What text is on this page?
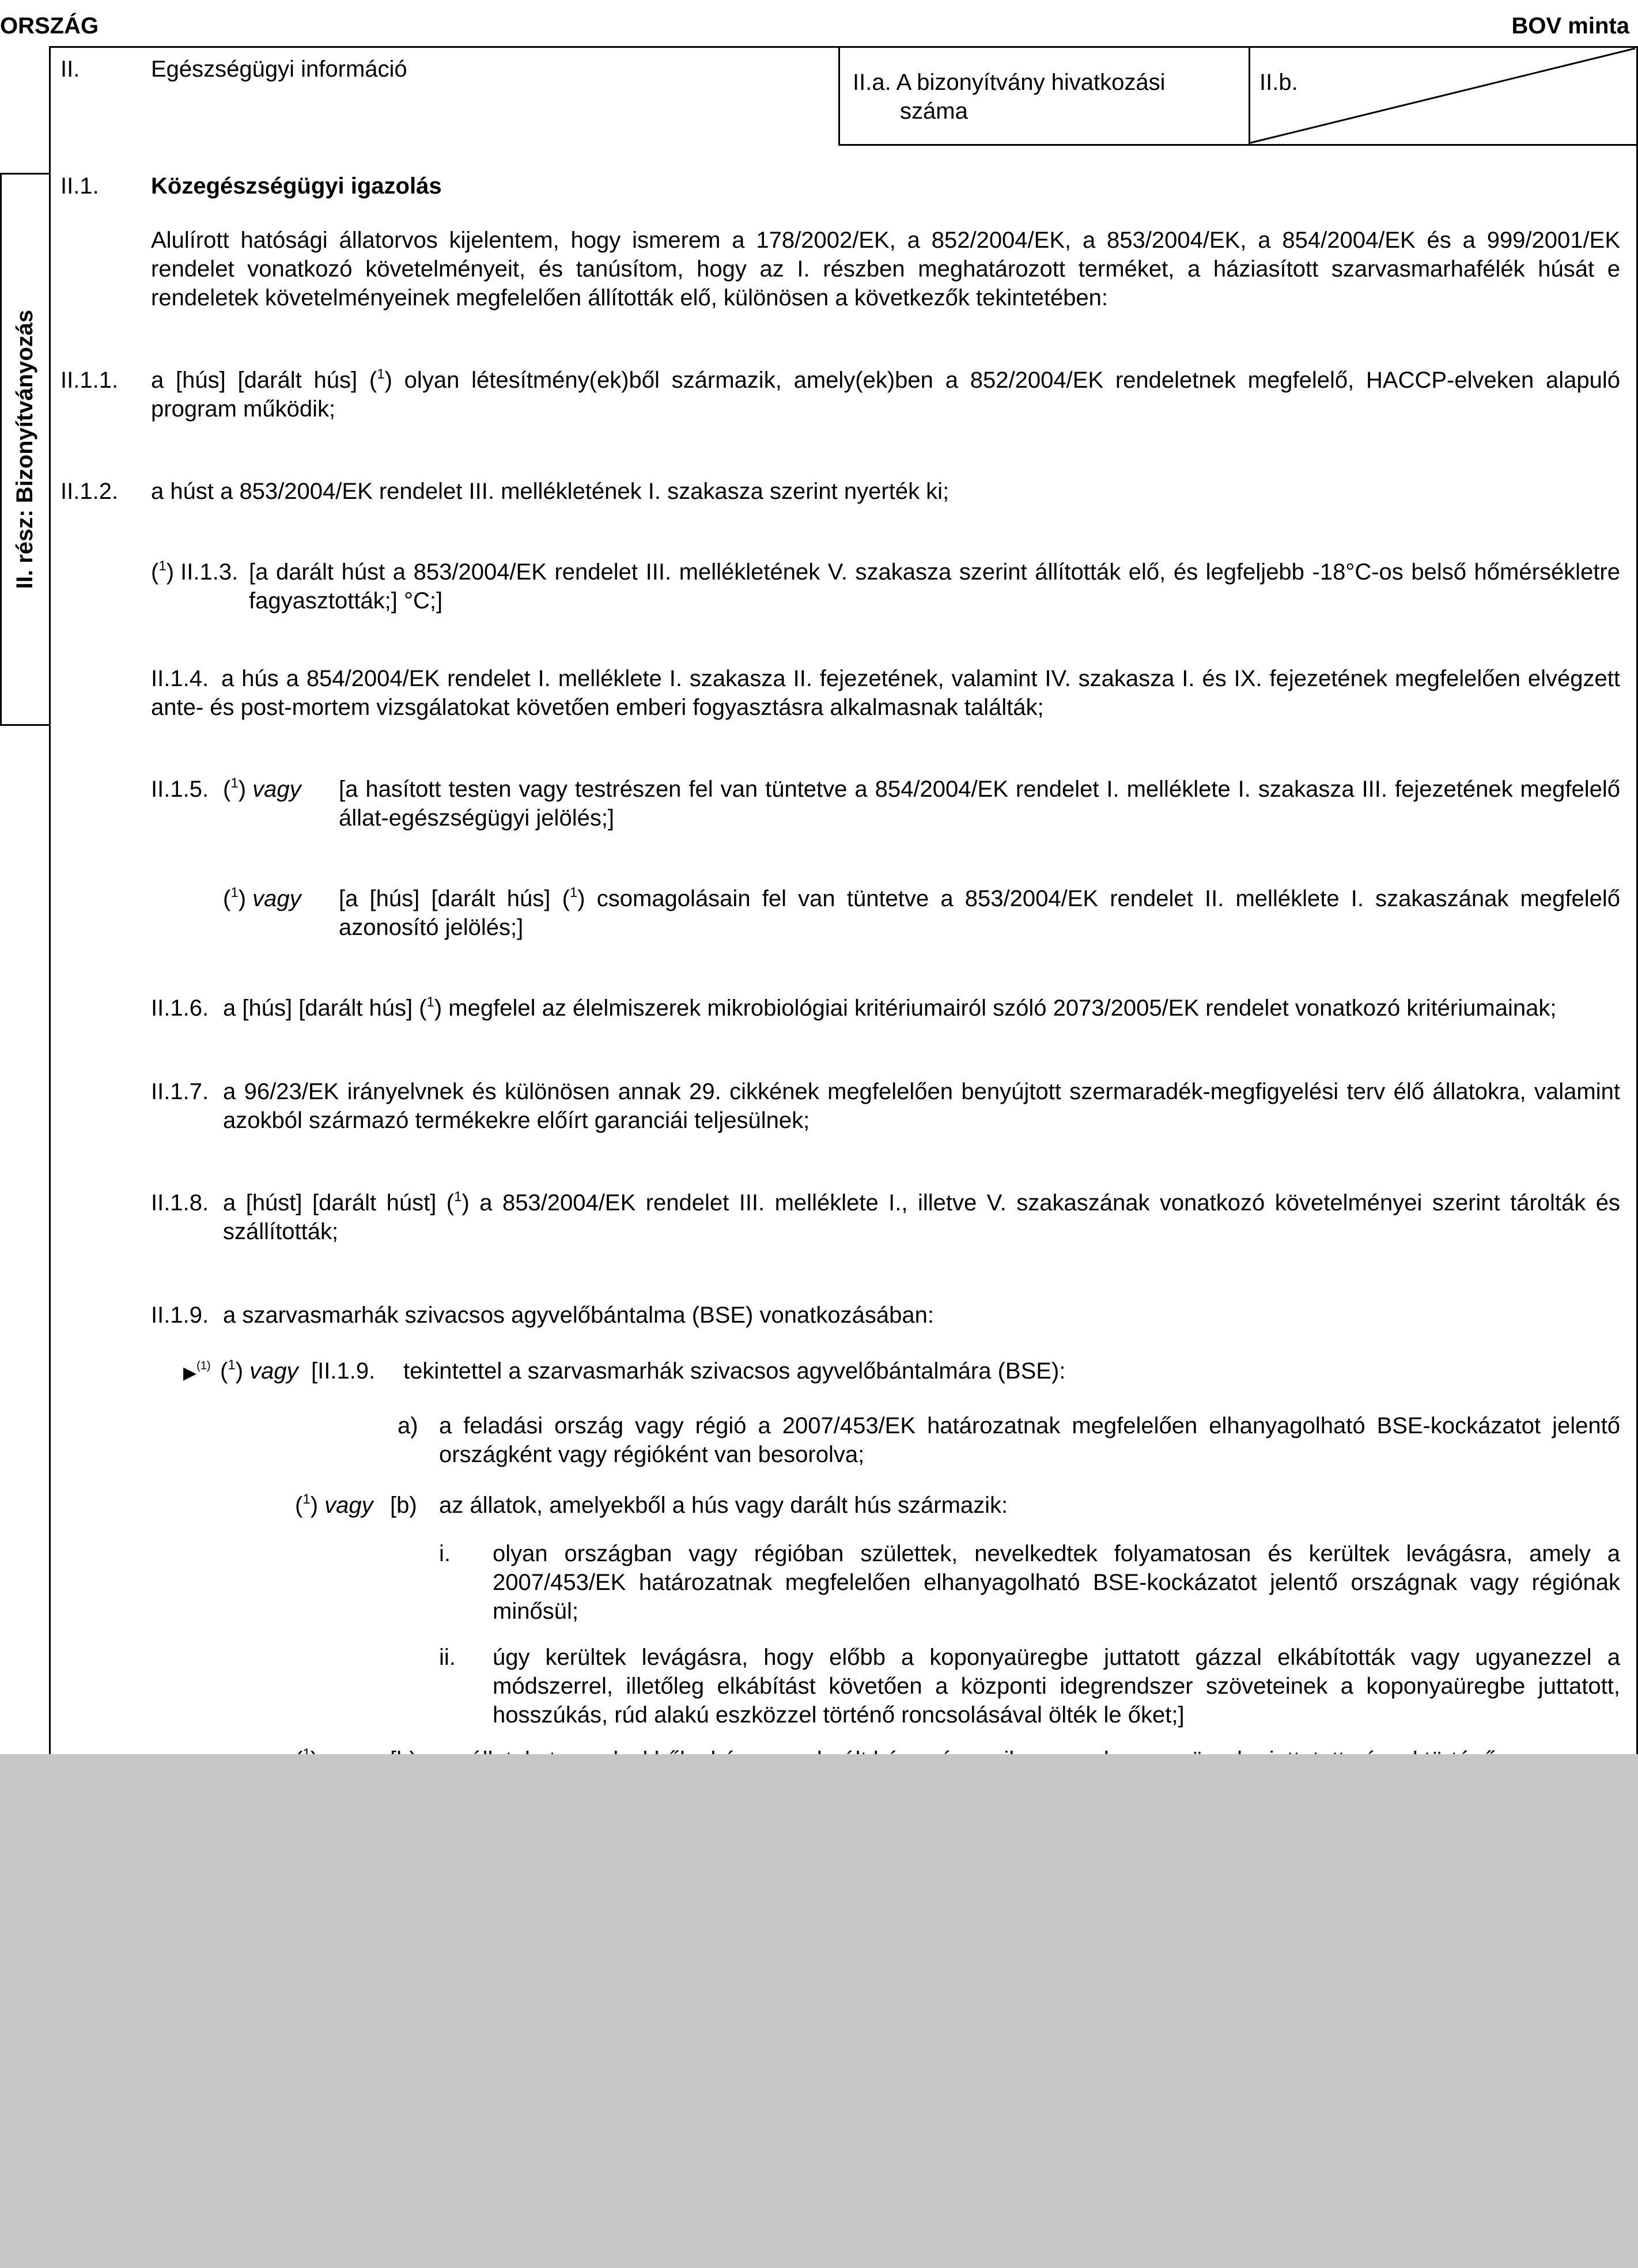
ORSZÁG	BOV minta
II. rész: Bizonyítványozás
II.	Egészségügyi információ
II.a. A bizonyítvány hivatkozási
száma
II.b.
II.1. Közegészségügyi igazolás
Alulírott hatósági állatorvos kijelentem, hogy ismerem a 178/2002/EK, a 852/2004/EK, a 853/2004/EK, a 854/2004/EK és a 999/2001/EK rendelet vonatkozó követelményeit, és tanúsítom, hogy az I. részben meghatározott terméket, a háziasított szarvasmarhafélék húsát e rendeletek követelményeinek megfelelően állították elő, különösen a következők tekintetében:
II.1.1. a [hús] [darált hús] ($^1$) olyan létesítmény(ek)ből származik, amely(ek)ben a 852/2004/EK rendeletnek megfelelő, HACCP-elveken alapuló program működik;
II.1.2. a húst a 853/2004/EK rendelet III. mellékletének I. szakasza szerint nyerték ki;
($^1$) II.1.3. [a darált húst a 853/2004/EK rendelet III. mellékletének V. szakasza szerint állították elő, és legfeljebb -18°C-os belső hőmérsékletre fagyasztották;] °C;]
II.1.4. a hús a 854/2004/EK rendelet I. melléklete I. szakasza II. fejezetének, valamint IV. szakasza I. és IX. fejezetének megfelelően elvégzett ante- és post-mortem vizsgálatokat követően emberi fogyasztásra alkalmasnak találták;
II.1.5. ($^1$) vagy [a hasított testen vagy testrészen fel van tüntetve a 854/2004/EK rendelet I. melléklete I. szakasza III. fejezetének megfelelő állat-egészségügyi jelölés;]
($^1$) vagy [a [hús] [darált hús] ($^1$) csomagolásain fel van tüntetve a 853/2004/EK rendelet II. melléklete I. szakaszának megfelelő azonosító jelölés;]
II.1.6. a [hús] [darált hús] ($^1$) megfelel az élelmiszerek mikrobiológiai kritériumairól szóló 2073/2005/EK rendelet vonatkozó kritériumainak;
II.1.7. a 96/23/EK irányelvnek és különösen annak 29. cikkének megfelelően benyújtott szermaradék-megfigyelési terv élő állatokra, valamint azokból származó termékekre előírt garanciái teljesülnek;
II.1.8. a [húst] [darált húst] ($^1$) a 853/2004/EK rendelet III. melléklete I., illetve V. szakaszának vonatkozó követelményei szerint tárolták és szállították;
II.1.9. a szarvasmarhák szivacsos agyvelőbántalma (BSE) vonatkozásában:
▶$^{(1)}$ ($^1$) vagy [II.1.9. tekintettel a szarvasmarhák szivacsos agyvelőbántalmára (BSE):
a) a feladási ország vagy régió a 2007/453/EK határozatnak megfelelően elhanyagolható BSE-kockázatot jelentő országként vagy régióként van besorolva;
($^1$) vagy [b) az állatok, amelyekből a hús vagy darált hús származik:
i. olyan országban vagy régióban születtek, nevelkedtek folyamatosan és kerültek levágásra, amely a 2007/453/EK határozatnak megfelelően elhanyagolható BSE-kockázatot jelentő országnak vagy régiónak minősül;
ii. úgy kerültek levágásra, hogy előbb a koponyaüregbe juttatott gázzal elkábították vagy ugyanezzel a módszerrel, illetőleg elkábítást követően a központi idegrendszer szöveteinek a koponyaüregbe juttatott, hosszúkás, rúd alakú eszközzel történő roncsolásával ölték le őket;]
